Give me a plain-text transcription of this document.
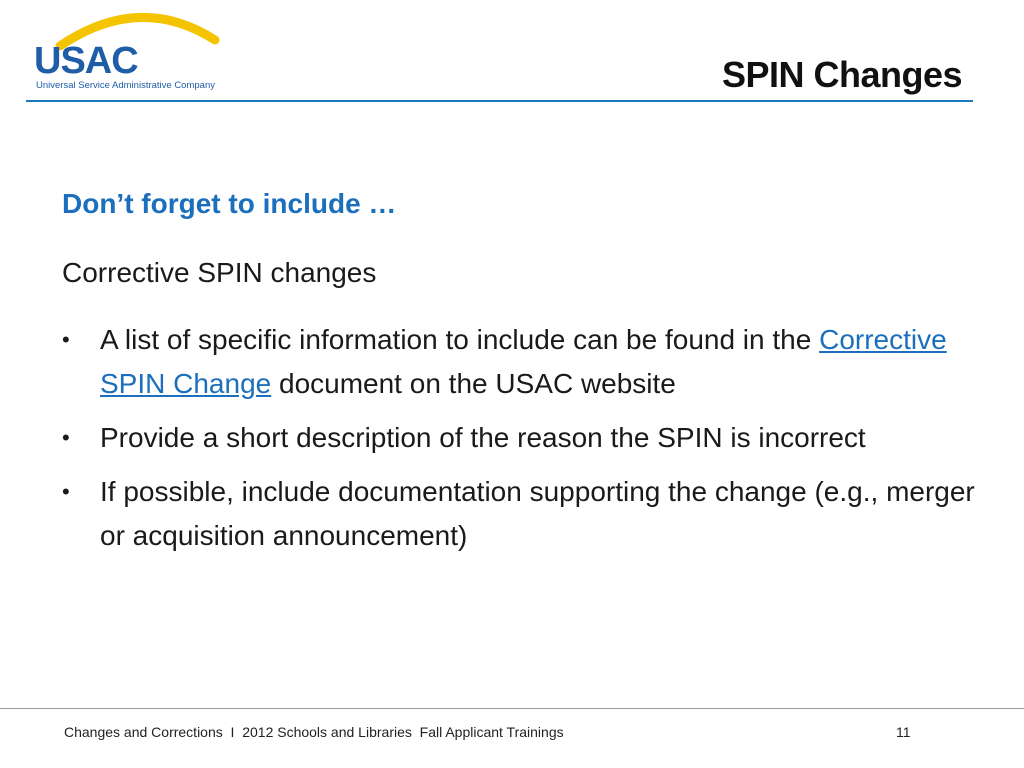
USAC
Universal Service Administrative Company	SPIN Changes
Don’t forget to include …
Corrective SPIN changes
• A list of specific information to include can be found in the Corrective SPIN Change document on the USAC website
• Provide a short description of the reason the SPIN is incorrect
• If possible, include documentation supporting the change (e.g., merger or acquisition announcement)
Changes and Corrections  I  2012 Schools and Libraries  Fall Applicant Trainings	11
